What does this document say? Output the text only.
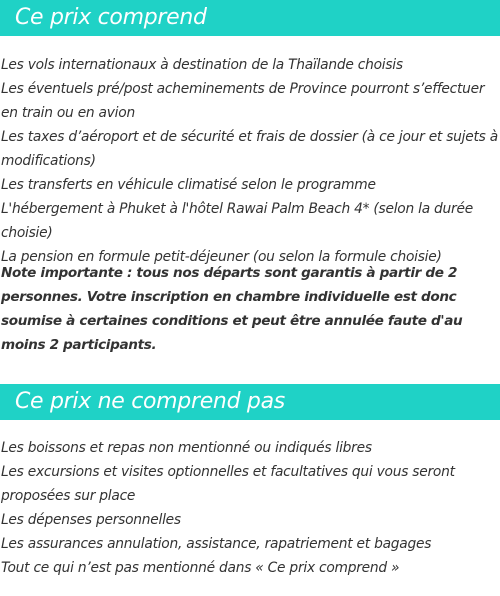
Ce prix comprend
Les vols internationaux à destination de la Thaïlande choisis
Les éventuels pré/post acheminements de Province pourront s’effectuer en train ou en avion
Les taxes d’aéroport et de sécurité et frais de dossier (à ce jour et sujets à modifications)
Les transferts en véhicule climatisé selon le programme
L'hébergement à Phuket à l'hôtel Rawai Palm Beach 4* (selon la durée choisie)
La pension en formule petit-déjeuner (ou selon la formule choisie)

Note importante : tous nos départs sont garantis à partir de 2 personnes. Votre inscription en chambre individuelle est donc soumise à certaines conditions et peut être annulée faute d'au moins 2 participants.

Ce prix ne comprend pas
Les boissons et repas non mentionné ou indiqués libres
Les excursions et visites optionnelles et facultatives qui vous seront proposées sur place
Les dépenses personnelles
Les assurances annulation, assistance, rapatriement et bagages
Tout ce qui n’est pas mentionné dans « Ce prix comprend »
